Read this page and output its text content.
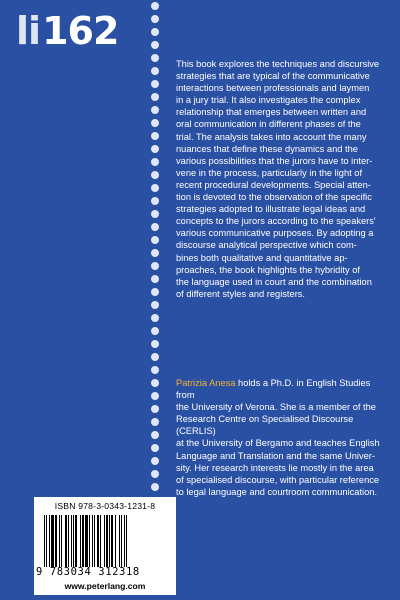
li162
This book explores the techniques and discursive
strategies that are typical of the communicative
interactions between professionals and laymen
in a jury trial. It also investigates the complex
relationship that emerges between written and
oral communication in different phases of the
trial. The analysis takes into account the many
nuances that define these dynamics and the
various possibilities that the jurors have to inter-
vene in the process, particularly in the light of
recent procedural developments. Special atten-
tion is devoted to the observation of the specific
strategies adopted to illustrate legal ideas and
concepts to the jurors according to the speakers'
various communicative purposes. By adopting a
discourse analytical perspective which com-
bines both qualitative and quantitative ap-
proaches, the book highlights the hybridity of
the language used in court and the combination
of different styles and registers.
Patrizia Anesa holds a Ph.D. in English Studies from
the University of Verona. She is a member of the
Research Centre on Specialised Discourse (CERLIS)
at the University of Bergamo and teaches English
Language and Translation and the same Univer-
sity. Her research interests lie mostly in the area
of specialised discourse, with particular reference
to legal language and courtroom communication.
ISBN 978-3-0343-1231-8
9 783034 312318
www.peterlang.com
